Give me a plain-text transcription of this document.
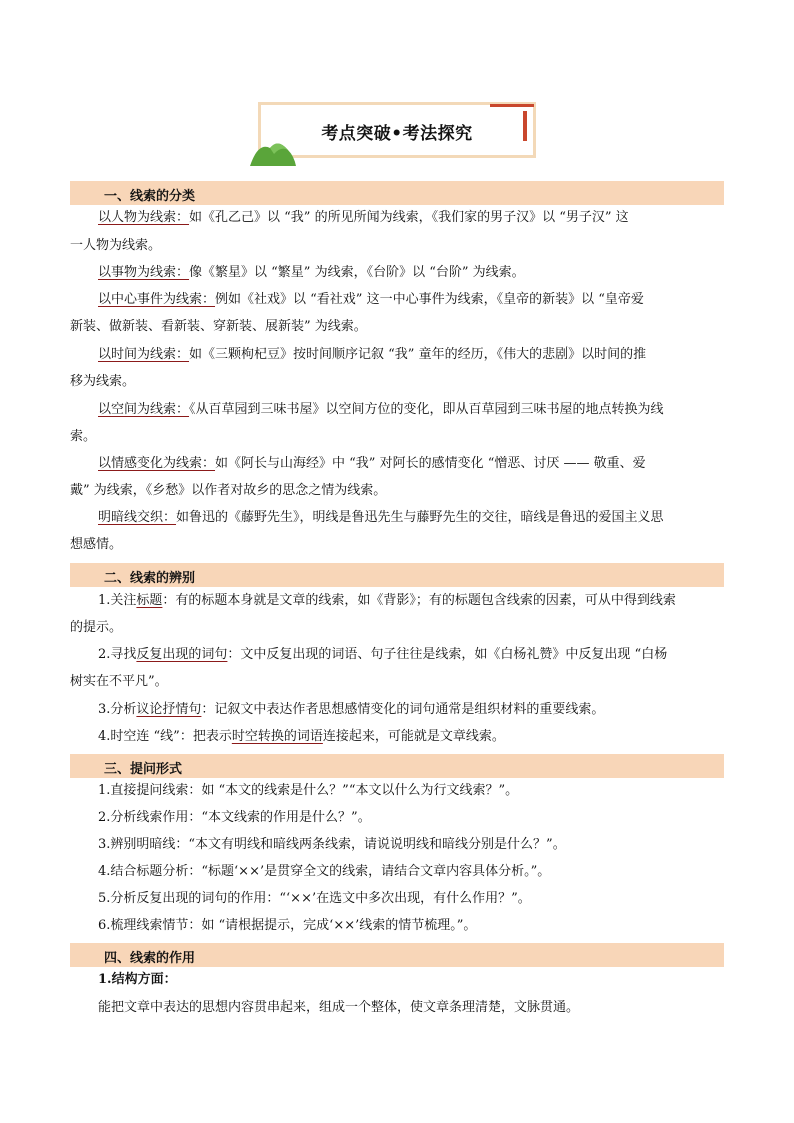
考点突破•考法探究
一、线索的分类
以人物为线索：如《孔乙己》以 “我” 的所见所闻为线索，《我们家的男子汉》以 “男子汉” 这
一人物为线索。
以事物为线索：像《繁星》以 “繁星” 为线索，《台阶》以 “台阶” 为线索。
以中心事件为线索：例如《社戏》以 “看社戏” 这一中心事件为线索，《皇帝的新装》以 “皇帝爱
新装、做新装、看新装、穿新装、展新装” 为线索。
以时间为线索：如《三颗枸杞豆》按时间顺序记叙 “我” 童年的经历，《伟大的悲剧》以时间的推
移为线索。
以空间为线索：《从百草园到三味书屋》以空间方位的变化，即从百草园到三味书屋的地点转换为线
索。
以情感变化为线索：如《阿长与山海经》中 “我” 对阿长的感情变化 “憎恶、讨厌 —— 敬重、爱
戴” 为线索，《乡愁》以作者对故乡的思念之情为线索。
明暗线交织：如鲁迅的《藤野先生》，明线是鲁迅先生与藤野先生的交往，暗线是鲁迅的爱国主义思
想感情。
二、线索的辨别
1.关注标题：有的标题本身就是文章的线索，如《背影》；有的标题包含线索的因素，可从中得到线索
的提示。
2.寻找反复出现的词句：文中反复出现的词语、句子往往是线索，如《白杨礼赞》中反复出现 “白杨
树实在不平凡”。
3.分析议论抒情句：记叙文中表达作者思想感情变化的词句通常是组织材料的重要线索。
4.时空连 “线”：把表示时空转换的词语连接起来，可能就是文章线索。
三、提问形式
1.直接提问线索：如 “本文的线索是什么？”“本文以什么为行文线索？”。
2.分析线索作用：“本文线索的作用是什么？”。
3.辨别明暗线：“本文有明线和暗线两条线索，请说说明线和暗线分别是什么？”。
4.结合标题分析：“标题‘××’是贯穿全文的线索，请结合文章内容具体分析。”。
5.分析反复出现的词句的作用：“‘××’在选文中多次出现，有什么作用？”。
6.梳理线索情节：如 “请根据提示，完成‘××’线索的情节梳理。”。
四、线索的作用
1.结构方面：
能把文章中表达的思想内容贯串起来，组成一个整体，使文章条理清楚，文脉贯通。
